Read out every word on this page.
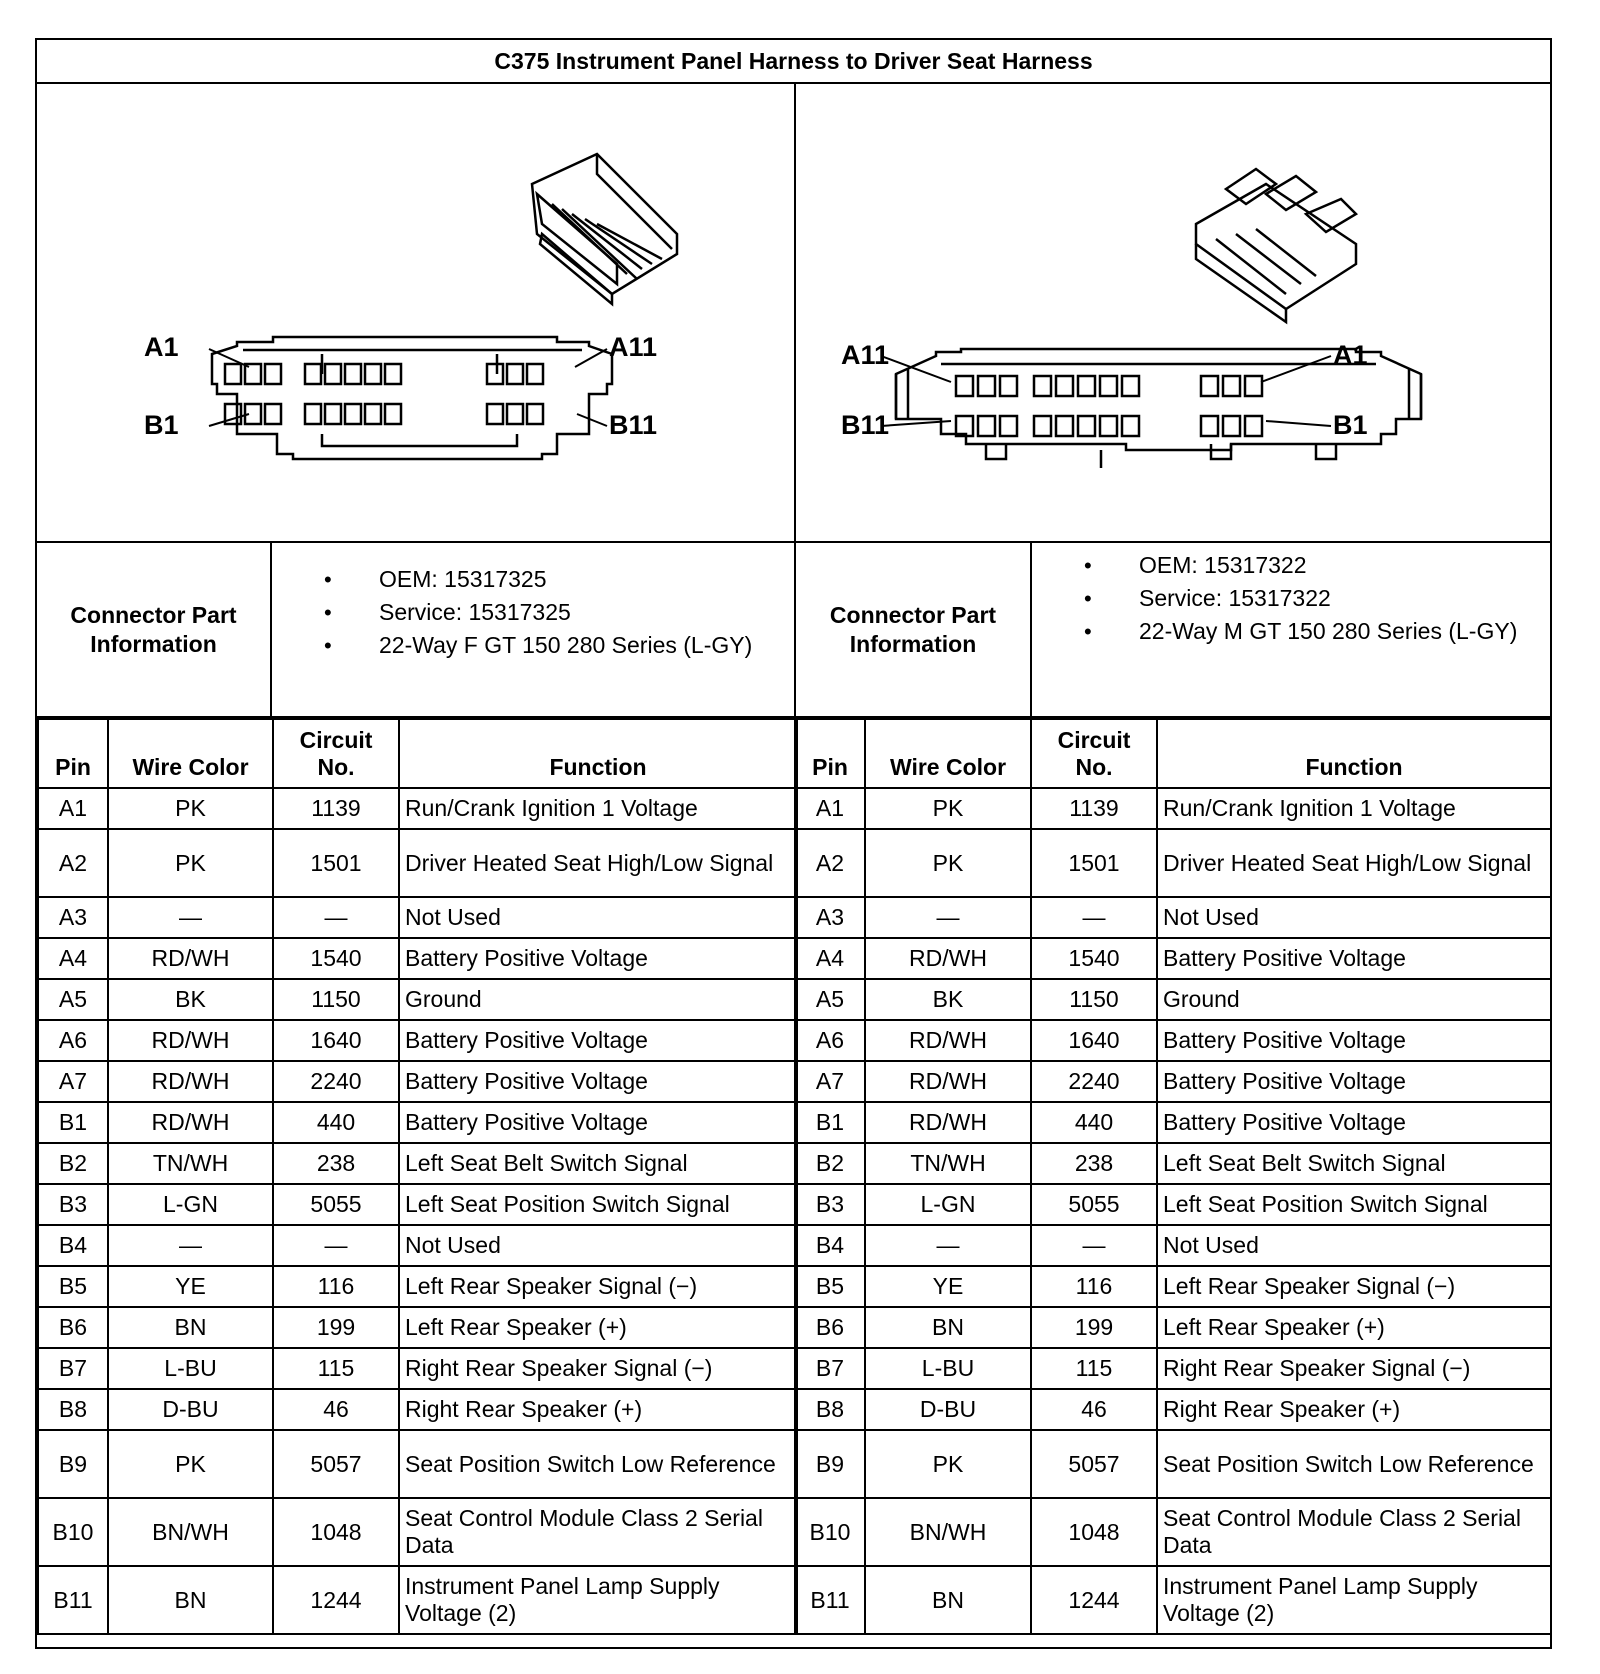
C375 Instrument Panel Harness to Driver Seat Harness
A1
B1
A11
B11
A11
B11
A1
B1
Connector Part Information
• OEM: 15317325
• Service: 15317325
• 22-Way F GT 150 280 Series (L-GY)
Connector Part Information
• OEM: 15317322
• Service: 15317322
• 22-Way M GT 150 280 Series (L-GY)
Pin	Wire Color	Circuit No.	Function
A1	PK	1139	Run/Crank Ignition 1 Voltage
A2	PK	1501	Driver Heated Seat High/Low Signal
A3	—	—	Not Used
A4	RD/WH	1540	Battery Positive Voltage
A5	BK	1150	Ground
A6	RD/WH	1640	Battery Positive Voltage
A7	RD/WH	2240	Battery Positive Voltage
B1	RD/WH	440	Battery Positive Voltage
B2	TN/WH	238	Left Seat Belt Switch Signal
B3	L-GN	5055	Left Seat Position Switch Signal
B4	—	—	Not Used
B5	YE	116	Left Rear Speaker Signal (−)
B6	BN	199	Left Rear Speaker (+)
B7	L-BU	115	Right Rear Speaker Signal (−)
B8	D-BU	46	Right Rear Speaker (+)
B9	PK	5057	Seat Position Switch Low Reference
B10	BN/WH	1048	Seat Control Module Class 2 Serial Data
B11	BN	1244	Instrument Panel Lamp Supply Voltage (2)
Pin	Wire Color	Circuit No.	Function
A1	PK	1139	Run/Crank Ignition 1 Voltage
A2	PK	1501	Driver Heated Seat High/Low Signal
A3	—	—	Not Used
A4	RD/WH	1540	Battery Positive Voltage
A5	BK	1150	Ground
A6	RD/WH	1640	Battery Positive Voltage
A7	RD/WH	2240	Battery Positive Voltage
B1	RD/WH	440	Battery Positive Voltage
B2	TN/WH	238	Left Seat Belt Switch Signal
B3	L-GN	5055	Left Seat Position Switch Signal
B4	—	—	Not Used
B5	YE	116	Left Rear Speaker Signal (−)
B6	BN	199	Left Rear Speaker (+)
B7	L-BU	115	Right Rear Speaker Signal (−)
B8	D-BU	46	Right Rear Speaker (+)
B9	PK	5057	Seat Position Switch Low Reference
B10	BN/WH	1048	Seat Control Module Class 2 Serial Data
B11	BN	1244	Instrument Panel Lamp Supply Voltage (2)
